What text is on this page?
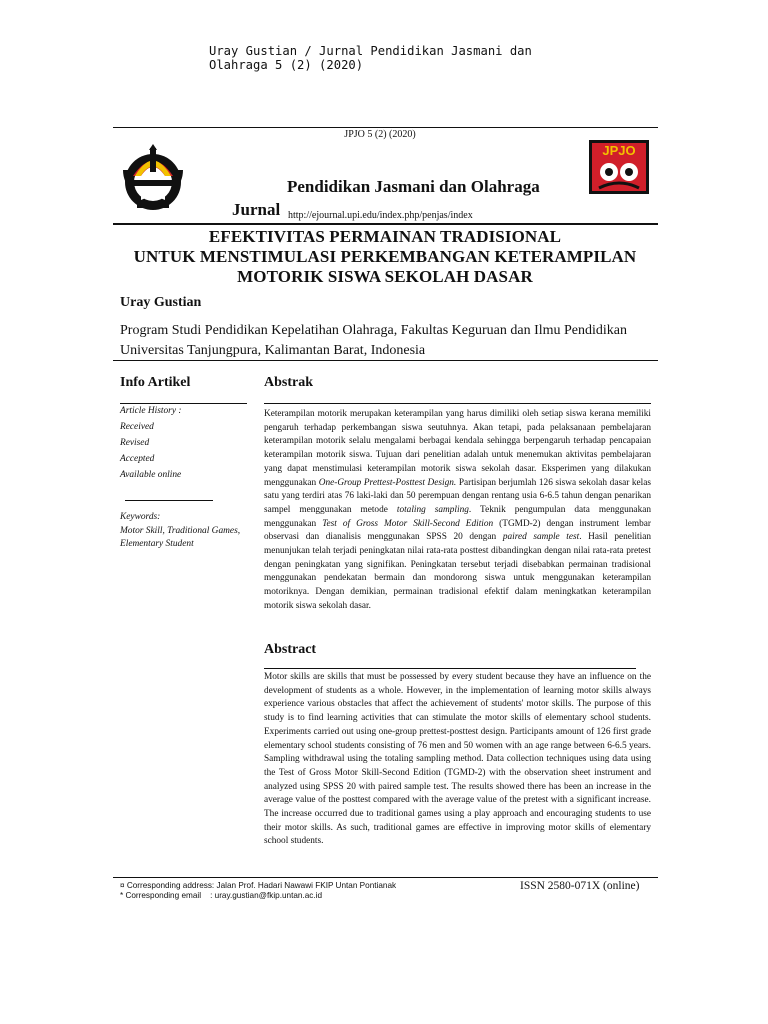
Uray Gustian / Jurnal Pendidikan Jasmani dan Olahraga 5 (2) (2020)
JPJO 5 (2) (2020)
JPJO
Pendidikan Jasmani dan Olahraga
Jurnal http://ejournal.upi.edu/index.php/penjas/index
EFEKTIVITAS PERMAINAN TRADISIONAL
UNTUK MENSTIMULASI PERKEMBANGAN KETERAMPILAN
MOTORIK SISWA SEKOLAH DASAR
Uray Gustian
Program Studi Pendidikan Kepelatihan Olahraga, Fakultas Keguruan dan Ilmu Pendidikan Universitas Tanjungpura, Kalimantan Barat, Indonesia
Info Artikel
Article History :
Received
Revised
Accepted
Available online
Keywords:
Motor Skill, Traditional Games, Elementary Student
Abstrak
Keterampilan motorik merupakan keterampilan yang harus dimiliki oleh setiap siswa kerana memiliki pengaruh terhadap perkembangan siswa seutuhnya. Akan tetapi, pada pelaksanaan pembelajaran keterampilan motorik selalu mengalami berbagai kendala sehingga berpengaruh terhadap pencapaian keterampilan motorik siswa. Tujuan dari penelitian adalah untuk menemukan aktivitas pembelajaran yang dapat menstimulasi keterampilan motorik siswa sekolah dasar. Eksperimen yang dilakukan menggunakan One-Group Prettest-Posttest Design. Partisipan berjumlah 126 siswa sekolah dasar kelas satu yang terdiri atas 76 laki-laki dan 50 perempuan dengan rentang usia 6-6.5 tahun dengan penarikan sampel menggunakan metode totaling sampling. Teknik pengumpulan data menggunakan menggunakan Test of Gross Motor Skill-Second Edition (TGMD-2) dengan instrument lembar observasi dan dianalisis menggunakan SPSS 20 dengan paired sample test. Hasil penelitian menunjukan telah terjadi peningkatan nilai rata-rata posttest dibandingkan dengan nilai rata-rata pretest dengan peningkatan yang signifikan. Peningkatan tersebut terjadi disebabkan permainan tradisional menggunakan pendekatan bermain dan mondorong siswa untuk menggunakan keterampilan motoriknya. Dengan demikian, permainan tradisional efektif dalam meningkatkan keterampilan motorik siswa sekolah dasar.
Abstract
Motor skills are skills that must be possessed by every student because they have an influence on the development of students as a whole. However, in the implementation of learning motor skills always experience various obstacles that affect the achievement of students' motor skills. The purpose of this study is to find learning activities that can stimulate the motor skills of elementary school students. Experiments carried out using one-group prettest-posttest design. Participants amount of 126 first grade elementary school students consisting of 76 men and 50 women with an age range between 6-6.5 years. Sampling withdrawal using the totaling sampling method. Data collection techniques using data using the Test of Gross Motor Skill-Second Edition (TGMD-2) with the observation sheet instrument and analyzed using SPSS 20 with paired sample test. The results showed there has been an increase in the average value of the posttest compared with the average value of the pretest with a significant increase. The increase occurred due to traditional games using a play approach and encouraging students to use their motor skills. As such, traditional games are effective in improving motor skills of elementary school students.
¤ Corresponding address: Jalan Prof. Hadari Nawawi FKIP Untan Pontianak
* Corresponding email    : uray.gustian@fkip.untan.ac.id
ISSN 2580-071X (online)
